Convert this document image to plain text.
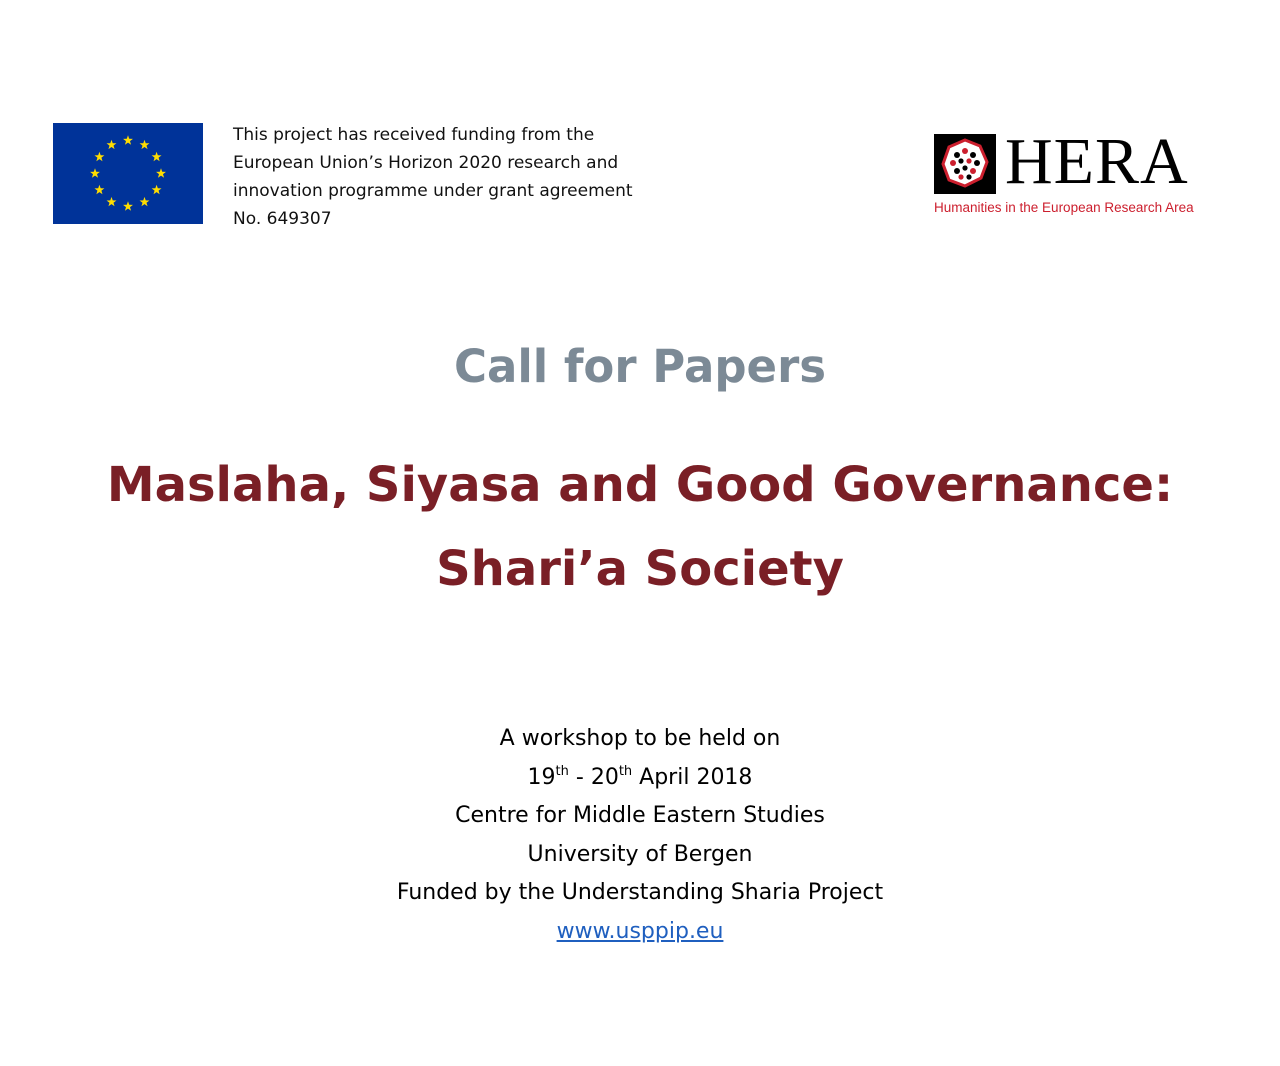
This project has received funding from the
European Union’s Horizon 2020 research and
innovation programme under grant agreement
No. 649307
HERA
Humanities in the European Research Area
Call for Papers
Maslaha, Siyasa and Good Governance:
Shari’a Society
A workshop to be held on
19th - 20th April 2018
Centre for Middle Eastern Studies
University of Bergen
Funded by the Understanding Sharia Project
www.usppip.eu
